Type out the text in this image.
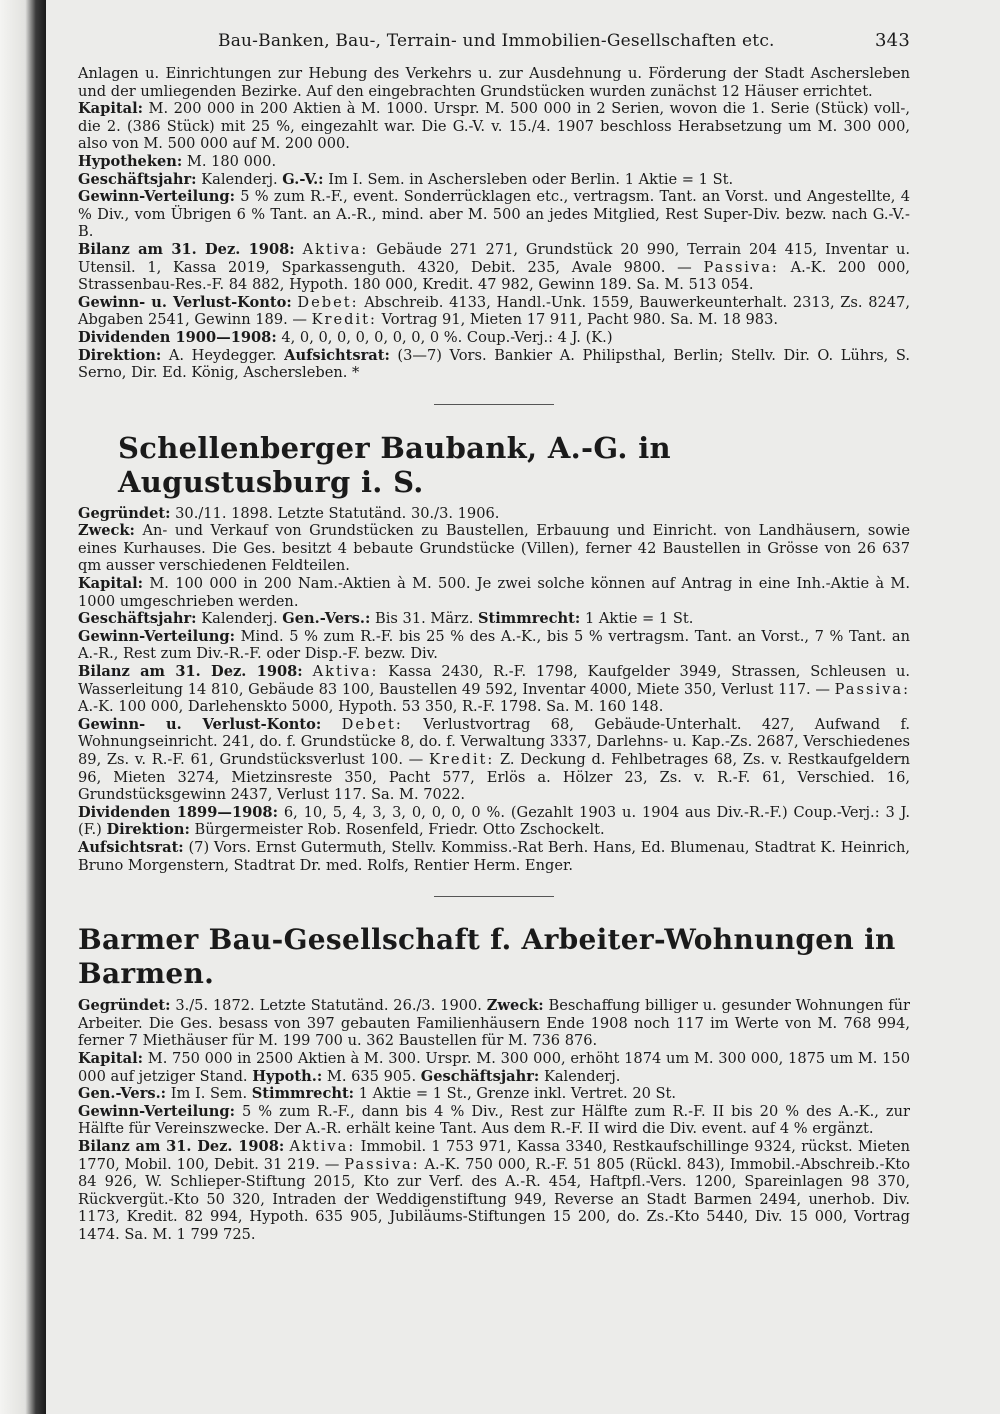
Bau-Banken, Bau-, Terrain- und Immobilien-Gesellschaften etc.	343

Anlagen u. Einrichtungen zur Hebung des Verkehrs u. zur Ausdehnung u. Förderung der Stadt Aschersleben und der umliegenden Bezirke. Auf den eingebrachten Grundstücken wurden zunächst 12 Häuser errichtet.

Kapital: M. 200 000 in 200 Aktien à M. 1000. Urspr. M. 500 000 in 2 Serien, wovon die 1. Serie (Stück) voll-, die 2. (386 Stück) mit 25 %, eingezahlt war. Die G.-V. v. 15./4. 1907 beschloss Herabsetzung um M. 300 000, also von M. 500 000 auf M. 200 000.

Hypotheken: M. 180 000.

Geschäftsjahr: Kalenderj. G.-V.: Im I. Sem. in Aschersleben oder Berlin. 1 Aktie = 1 St.

Gewinn-Verteilung: 5 % zum R.-F., event. Sonderrücklagen etc., vertragsm. Tant. an Vorst. und Angestellte, 4 % Div., vom Übrigen 6 % Tant. an A.-R., mind. aber M. 500 an jedes Mitglied, Rest Super-Div. bezw. nach G.-V.-B.

Bilanz am 31. Dez. 1908: Aktiva: Gebäude 271 271, Grundstück 20 990, Terrain 204 415, Inventar u. Utensil. 1, Kassa 2019, Sparkassenguth. 4320, Debit. 235, Avale 9800. — Passiva: A.-K. 200 000, Strassenbau-Res.-F. 84 882, Hypoth. 180 000, Kredit. 47 982, Gewinn 189. Sa. M. 513 054.

Gewinn- u. Verlust-Konto: Debet: Abschreib. 4133, Handl.-Unk. 1559, Bauwerkeunterhalt. 2313, Zs. 8247, Abgaben 2541, Gewinn 189. — Kredit: Vortrag 91, Mieten 17 911, Pacht 980. Sa. M. 18 983.

Dividenden 1900—1908: 4, 0, 0, 0, 0, 0, 0, 0, 0 %. Coup.-Verj.: 4 J. (K.)

Direktion: A. Heydegger. Aufsichtsrat: (3—7) Vors. Bankier A. Philipsthal, Berlin; Stellv. Dir. O. Lührs, S. Serno, Dir. Ed. König, Aschersleben. *

Schellenberger Baubank, A.-G. in Augustusburg i. S.

Gegründet: 30./11. 1898. Letzte Statutänd. 30./3. 1906.

Zweck: An- und Verkauf von Grundstücken zu Baustellen, Erbauung und Einricht. von Landhäusern, sowie eines Kurhauses. Die Ges. besitzt 4 bebaute Grundstücke (Villen), ferner 42 Baustellen in Grösse von 26 637 qm ausser verschiedenen Feldteilen.

Kapital: M. 100 000 in 200 Nam.-Aktien à M. 500. Je zwei solche können auf Antrag in eine Inh.-Aktie à M. 1000 umgeschrieben werden.

Geschäftsjahr: Kalenderj. Gen.-Vers.: Bis 31. März. Stimmrecht: 1 Aktie = 1 St.

Gewinn-Verteilung: Mind. 5 % zum R.-F. bis 25 % des A.-K., bis 5 % vertragsm. Tant. an Vorst., 7 % Tant. an A.-R., Rest zum Div.-R.-F. oder Disp.-F. bezw. Div.

Bilanz am 31. Dez. 1908: Aktiva: Kassa 2430, R.-F. 1798, Kaufgelder 3949, Strassen, Schleusen u. Wasserleitung 14 810, Gebäude 83 100, Baustellen 49 592, Inventar 4000, Miete 350, Verlust 117. — Passiva: A.-K. 100 000, Darlehenskto 5000, Hypoth. 53 350, R.-F. 1798. Sa. M. 160 148.

Gewinn- u. Verlust-Konto: Debet: Verlustvortrag 68, Gebäude-Unterhalt. 427, Aufwand f. Wohnungseinricht. 241, do. f. Grundstücke 8, do. f. Verwaltung 3337, Darlehns- u. Kap.-Zs. 2687, Verschiedenes 89, Zs. v. R.-F. 61, Grundstücksverlust 100. — Kredit: Z. Deckung d. Fehlbetrages 68, Zs. v. Restkaufgeldern 96, Mieten 3274, Mietzinsreste 350, Pacht 577, Erlös a. Hölzer 23, Zs. v. R.-F. 61, Verschied. 16, Grundstücksgewinn 2437, Verlust 117. Sa. M. 7022.

Dividenden 1899—1908: 6, 10, 5, 4, 3, 3, 0, 0, 0, 0 %. (Gezahlt 1903 u. 1904 aus Div.-R.-F.) Coup.-Verj.: 3 J. (F.) Direktion: Bürgermeister Rob. Rosenfeld, Friedr. Otto Zschockelt.

Aufsichtsrat: (7) Vors. Ernst Gutermuth, Stellv. Kommiss.-Rat Berh. Hans, Ed. Blumenau, Stadtrat K. Heinrich, Bruno Morgenstern, Stadtrat Dr. med. Rolfs, Rentier Herm. Enger.

Barmer Bau-Gesellschaft f. Arbeiter-Wohnungen in Barmen.

Gegründet: 3./5. 1872. Letzte Statutänd. 26./3. 1900. Zweck: Beschaffung billiger u. gesunder Wohnungen für Arbeiter. Die Ges. besass von 397 gebauten Familienhäusern Ende 1908 noch 117 im Werte von M. 768 994, ferner 7 Miethäuser für M. 199 700 u. 362 Baustellen für M. 736 876.

Kapital: M. 750 000 in 2500 Aktien à M. 300. Urspr. M. 300 000, erhöht 1874 um M. 300 000, 1875 um M. 150 000 auf jetziger Stand. Hypoth.: M. 635 905. Geschäftsjahr: Kalenderj.

Gen.-Vers.: Im I. Sem. Stimmrecht: 1 Aktie = 1 St., Grenze inkl. Vertret. 20 St.

Gewinn-Verteilung: 5 % zum R.-F., dann bis 4 % Div., Rest zur Hälfte zum R.-F. II bis 20 % des A.-K., zur Hälfte für Vereinszwecke. Der A.-R. erhält keine Tant. Aus dem R.-F. II wird die Div. event. auf 4 % ergänzt.

Bilanz am 31. Dez. 1908: Aktiva: Immobil. 1 753 971, Kassa 3340, Restkaufschillinge 9324, rückst. Mieten 1770, Mobil. 100, Debit. 31 219. — Passiva: A.-K. 750 000, R.-F. 51 805 (Rückl. 843), Immobil.-Abschreib.-Kto 84 926, W. Schlieper-Stiftung 2015, Kto zur Verf. des A.-R. 454, Haftpfl.-Vers. 1200, Spareinlagen 98 370, Rückvergüt.-Kto 50 320, Intraden der Weddigenstiftung 949, Reverse an Stadt Barmen 2494, unerhob. Div. 1173, Kredit. 82 994, Hypoth. 635 905, Jubiläums-Stiftungen 15 200, do. Zs.-Kto 5440, Div. 15 000, Vortrag 1474. Sa. M. 1 799 725.
